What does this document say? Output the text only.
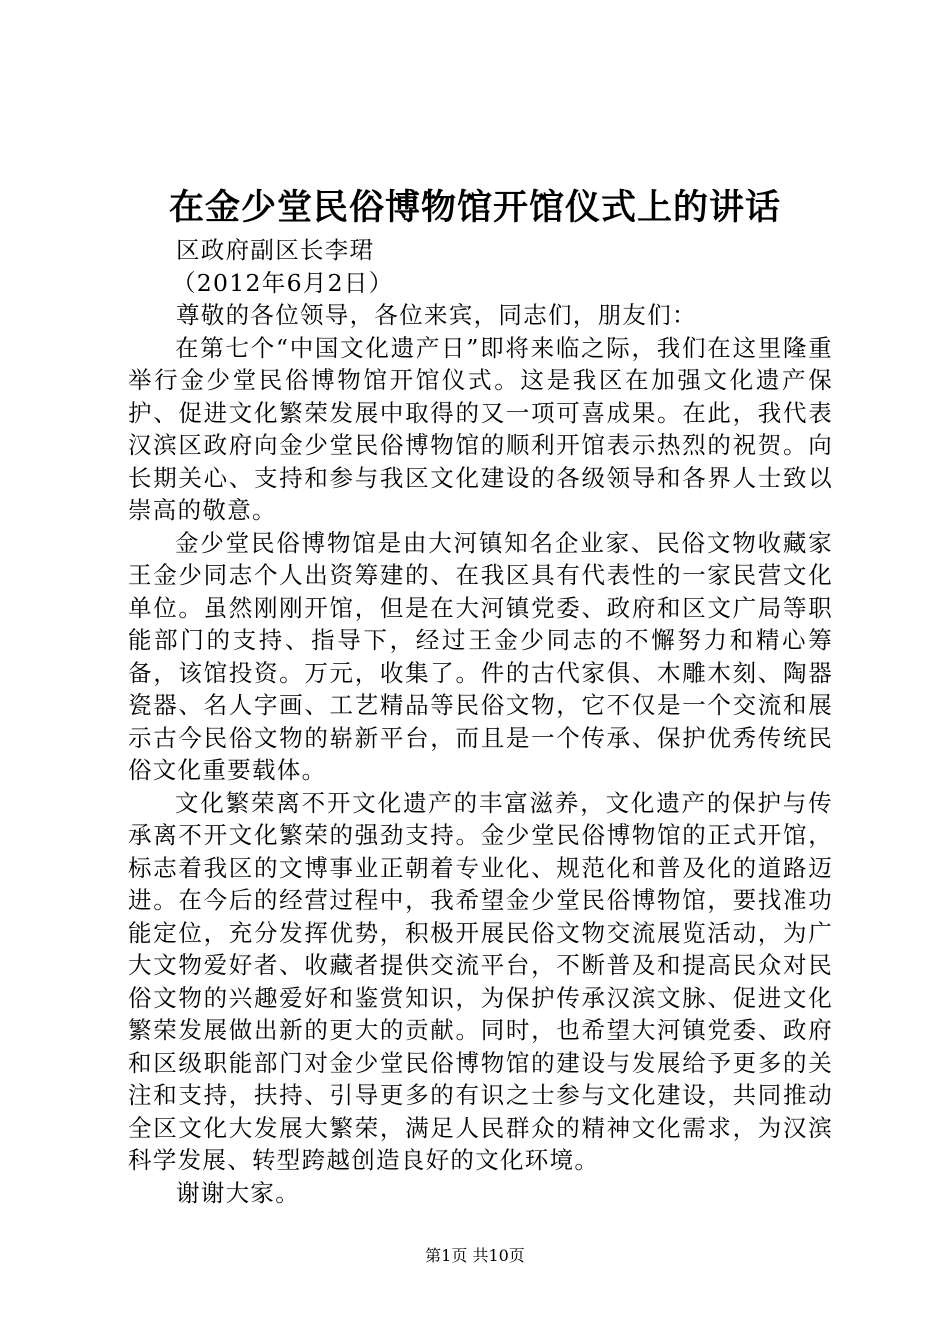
在金少堂民俗博物馆开馆仪式上的讲话

区政府副区长李珺

（2012年6月2日）

尊敬的各位领导，各位来宾，同志们，朋友们：

在第七个“中国文化遗产日”即将来临之际，我们在这里隆重举行金少堂民俗博物馆开馆仪式。这是我区在加强文化遗产保护、促进文化繁荣发展中取得的又一项可喜成果。在此，我代表汉滨区政府向金少堂民俗博物馆的顺利开馆表示热烈的祝贺。向长期关心、支持和参与我区文化建设的各级领导和各界人士致以崇高的敬意。

金少堂民俗博物馆是由大河镇知名企业家、民俗文物收藏家王金少同志个人出资筹建的、在我区具有代表性的一家民营文化单位。虽然刚刚开馆，但是在大河镇党委、政府和区文广局等职能部门的支持、指导下，经过王金少同志的不懈努力和精心筹备，该馆投资。万元，收集了。件的古代家俱、木雕木刻、陶器瓷器、名人字画、工艺精品等民俗文物，它不仅是一个交流和展示古今民俗文物的崭新平台，而且是一个传承、保护优秀传统民俗文化重要载体。

文化繁荣离不开文化遗产的丰富滋养，文化遗产的保护与传承离不开文化繁荣的强劲支持。金少堂民俗博物馆的正式开馆，标志着我区的文博事业正朝着专业化、规范化和普及化的道路迈进。在今后的经营过程中，我希望金少堂民俗博物馆，要找准功能定位，充分发挥优势，积极开展民俗文物交流展览活动，为广大文物爱好者、收藏者提供交流平台，不断普及和提高民众对民俗文物的兴趣爱好和鉴赏知识，为保护传承汉滨文脉、促进文化繁荣发展做出新的更大的贡献。同时，也希望大河镇党委、政府和区级职能部门对金少堂民俗博物馆的建设与发展给予更多的关注和支持，扶持、引导更多的有识之士参与文化建设，共同推动全区文化大发展大繁荣，满足人民群众的精神文化需求，为汉滨科学发展、转型跨越创造良好的文化环境。

谢谢大家。

第1页 共10页
